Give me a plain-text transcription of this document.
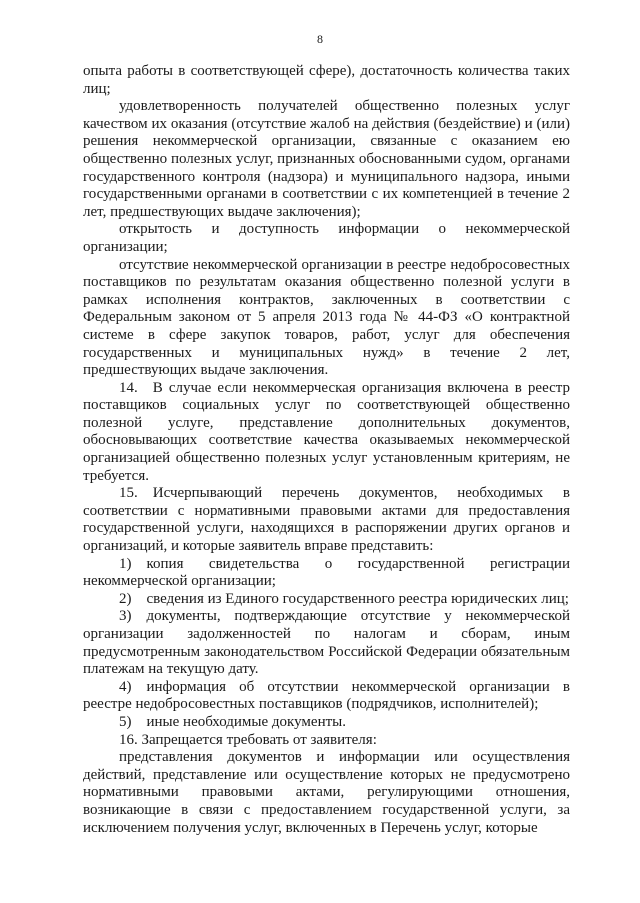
8

опыта работы в соответствующей сфере), достаточность количества таких лиц;

удовлетворенность получателей общественно полезных услуг качеством их оказания (отсутствие жалоб на действия (бездействие) и (или) решения некоммерческой организации, связанные с оказанием ею общественно полезных услуг, признанных обоснованными судом, органами государственного контроля (надзора) и муниципального надзора, иными государственными органами в соответствии с их компетенцией в течение 2 лет, предшествующих выдаче заключения);

открытость и доступность информации о некоммерческой организации;

отсутствие некоммерческой организации в реестре недобросовестных поставщиков по результатам оказания общественно полезной услуги в рамках исполнения контрактов, заключенных в соответствии с Федеральным законом от 5 апреля 2013 года № 44-ФЗ «О контрактной системе в сфере закупок товаров, работ, услуг для обеспечения государственных и муниципальных нужд» в течение 2 лет, предшествующих выдаче заключения.

14. В случае если некоммерческая организация включена в реестр поставщиков социальных услуг по соответствующей общественно полезной услуге, представление дополнительных документов, обосновывающих соответствие качества оказываемых некоммерческой организацией общественно полезных услуг установленным критериям, не требуется.

15. Исчерпывающий перечень документов, необходимых в соответствии с нормативными правовыми актами для предоставления государственной услуги, находящихся в распоряжении других органов и организаций, и которые заявитель вправе представить:

1) копия свидетельства о государственной регистрации некоммерческой организации;

2) сведения из Единого государственного реестра юридических лиц;

3) документы, подтверждающие отсутствие у некоммерческой организации задолженностей по налогам и сборам, иным предусмотренным законодательством Российской Федерации обязательным платежам на текущую дату.

4) информация об отсутствии некоммерческой организации в реестре недобросовестных поставщиков (подрядчиков, исполнителей);

5) иные необходимые документы.

16. Запрещается требовать от заявителя:

представления документов и информации или осуществления действий, представление или осуществление которых не предусмотрено нормативными правовыми актами, регулирующими отношения, возникающие в связи с предоставлением государственной услуги, за исключением получения услуг, включенных в Перечень услуг, которые
